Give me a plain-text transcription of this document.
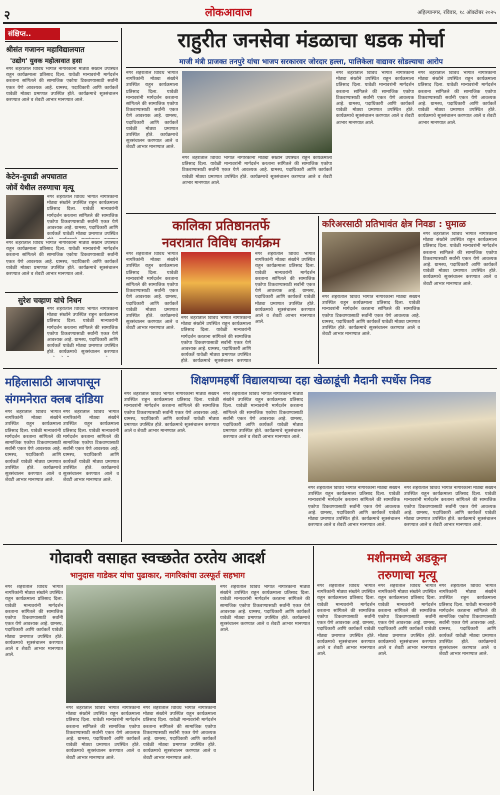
२	लोकआवाज	अहिल्यानगर, रविवार, १८ ऑक्टोबर २०२५
संक्षिप्त..
श्रीसंत गजानन महाविद्यालयात
'उद्योग' युवक महोत्सवात हसा
नगर शहरातील विविध भागात नागरिकांनी मोठ्या संख्येने उपस्थित राहून कार्यक्रमाला प्रतिसाद दिला. यावेळी मान्यवरांनी मार्गदर्शन करताना सांगितले की सामाजिक एकोपा टिकवण्यासाठी सर्वांनी एकत्र येणे आवश्यक आहे. ग्रामस्थ, पदाधिकारी आणि कार्यकर्ते यावेळी मोठ्या प्रमाणात उपस्थित होते. कार्यक्रमाचे सूत्रसंचालन करण्यात आले व शेवटी आभार मानण्यात आले.
केटेन-दुघाडी अपघातात
जोर्वे येथील तरुणाचा मृत्यू
नगर शहरातील विविध भागात नागरिकांनी मोठ्या संख्येने उपस्थित राहून कार्यक्रमाला प्रतिसाद दिला. यावेळी मान्यवरांनी मार्गदर्शन करताना सांगितले की सामाजिक एकोपा टिकवण्यासाठी सर्वांनी एकत्र येणे आवश्यक आहे. ग्रामस्थ, पदाधिकारी आणि कार्यकर्ते यावेळी मोठ्या प्रमाणात उपस्थित
नगर शहरातील विविध भागात नागरिकांनी मोठ्या संख्येने उपस्थित राहून कार्यक्रमाला प्रतिसाद दिला. यावेळी मान्यवरांनी मार्गदर्शन करताना सांगितले की सामाजिक एकोपा टिकवण्यासाठी सर्वांनी एकत्र येणे आवश्यक आहे. ग्रामस्थ, पदाधिकारी आणि कार्यकर्ते यावेळी मोठ्या प्रमाणात उपस्थित होते. कार्यक्रमाचे सूत्रसंचालन करण्यात आले व शेवटी आभार मानण्यात आले.
सुरेश चव्हाण यांचे निधन
नगर शहरातील विविध भागात नागरिकांनी मोठ्या संख्येने उपस्थित राहून कार्यक्रमाला प्रतिसाद दिला. यावेळी मान्यवरांनी मार्गदर्शन करताना सांगितले की सामाजिक एकोपा टिकवण्यासाठी सर्वांनी एकत्र येणे आवश्यक आहे. ग्रामस्थ, पदाधिकारी आणि कार्यकर्ते यावेळी मोठ्या प्रमाणात उपस्थित होते. कार्यक्रमाचे सूत्रसंचालन करण्यात
राहुरीत जनसेवा मंडळाचा धडक मोर्चा
माजी मंत्री प्राजक्त तनपुरे यांचा भाजप सरकारवर जोरदार हल्ला, पालिकेला वाद्यावर सोडल्याचा आरोप
नगर शहरातील विविध भागात नागरिकांनी मोठ्या संख्येने उपस्थित राहून कार्यक्रमाला प्रतिसाद दिला. यावेळी मान्यवरांनी मार्गदर्शन करताना सांगितले की सामाजिक एकोपा टिकवण्यासाठी सर्वांनी एकत्र येणे आवश्यक आहे. ग्रामस्थ, पदाधिकारी आणि कार्यकर्ते यावेळी मोठ्या प्रमाणात उपस्थित होते. कार्यक्रमाचे सूत्रसंचालन करण्यात आले व शेवटी आभार मानण्यात आले.
नगर शहरातील विविध भागात नागरिकांनी मोठ्या संख्येने उपस्थित राहून कार्यक्रमाला प्रतिसाद दिला. यावेळी मान्यवरांनी मार्गदर्शन करताना सांगितले की सामाजिक एकोपा टिकवण्यासाठी सर्वांनी एकत्र येणे आवश्यक आहे. ग्रामस्थ, पदाधिकारी आणि कार्यकर्ते यावेळी मोठ्या प्रमाणात उपस्थित होते. कार्यक्रमाचे सूत्रसंचालन करण्यात आले व शेवटी आभार मानण्यात आले.
नगर शहरातील विविध भागात नागरिकांनी मोठ्या संख्येने उपस्थित राहून कार्यक्रमाला प्रतिसाद दिला. यावेळी मान्यवरांनी मार्गदर्शन करताना सांगितले की सामाजिक एकोपा टिकवण्यासाठी सर्वांनी एकत्र येणे आवश्यक आहे. ग्रामस्थ, पदाधिकारी आणि कार्यकर्ते यावेळी मोठ्या प्रमाणात उपस्थित होते. कार्यक्रमाचे सूत्रसंचालन करण्यात आले व शेवटी आभार मानण्यात आले.
नगर शहरातील विविध भागात नागरिकांनी मोठ्या संख्येने उपस्थित राहून कार्यक्रमाला प्रतिसाद दिला. यावेळी मान्यवरांनी मार्गदर्शन करताना सांगितले की सामाजिक एकोपा टिकवण्यासाठी सर्वांनी एकत्र येणे आवश्यक आहे. ग्रामस्थ, पदाधिकारी आणि कार्यकर्ते यावेळी मोठ्या प्रमाणात उपस्थित होते. कार्यक्रमाचे सूत्रसंचालन करण्यात आले व शेवटी आभार मानण्यात आले.
कालिका प्रतिष्ठानतर्फे
नवरात्रात विविध कार्यक्रम
नगर शहरातील विविध भागात नागरिकांनी मोठ्या संख्येने उपस्थित राहून कार्यक्रमाला प्रतिसाद दिला. यावेळी मान्यवरांनी मार्गदर्शन करताना सांगितले की सामाजिक एकोपा टिकवण्यासाठी सर्वांनी एकत्र येणे आवश्यक आहे. ग्रामस्थ, पदाधिकारी आणि कार्यकर्ते यावेळी मोठ्या प्रमाणात उपस्थित होते. कार्यक्रमाचे सूत्रसंचालन करण्यात आले व शेवटी आभार मानण्यात आले.
नगर शहरातील विविध भागात नागरिकांनी मोठ्या संख्येने उपस्थित राहून कार्यक्रमाला प्रतिसाद दिला. यावेळी मान्यवरांनी मार्गदर्शन करताना सांगितले की सामाजिक एकोपा टिकवण्यासाठी सर्वांनी एकत्र येणे आवश्यक आहे. ग्रामस्थ, पदाधिकारी आणि कार्यकर्ते यावेळी मोठ्या प्रमाणात उपस्थित होते. कार्यक्रमाचे सूत्रसंचालन करण्यात
नगर शहरातील विविध भागात नागरिकांनी मोठ्या संख्येने उपस्थित राहून कार्यक्रमाला प्रतिसाद दिला. यावेळी मान्यवरांनी मार्गदर्शन करताना सांगितले की सामाजिक एकोपा टिकवण्यासाठी सर्वांनी एकत्र येणे आवश्यक आहे. ग्रामस्थ, पदाधिकारी आणि कार्यकर्ते यावेळी मोठ्या प्रमाणात उपस्थित होते. कार्यक्रमाचे सूत्रसंचालन करण्यात आले व शेवटी आभार मानण्यात आले.
करिअरसाठी प्रतिभावंत क्षेत्र निवडा : घुमाळ
नगर शहरातील विविध भागात नागरिकांनी मोठ्या संख्येने उपस्थित राहून कार्यक्रमाला प्रतिसाद दिला. यावेळी मान्यवरांनी मार्गदर्शन करताना सांगितले की सामाजिक एकोपा टिकवण्यासाठी सर्वांनी एकत्र येणे आवश्यक आहे. ग्रामस्थ, पदाधिकारी आणि कार्यकर्ते यावेळी मोठ्या प्रमाणात उपस्थित होते. कार्यक्रमाचे सूत्रसंचालन करण्यात आले व शेवटी आभार मानण्यात आले.
नगर शहरातील विविध भागात नागरिकांनी मोठ्या संख्येने उपस्थित राहून कार्यक्रमाला प्रतिसाद दिला. यावेळी मान्यवरांनी मार्गदर्शन करताना सांगितले की सामाजिक एकोपा टिकवण्यासाठी सर्वांनी एकत्र येणे आवश्यक आहे. ग्रामस्थ, पदाधिकारी आणि कार्यकर्ते यावेळी मोठ्या प्रमाणात उपस्थित होते. कार्यक्रमाचे सूत्रसंचालन करण्यात आले व शेवटी आभार मानण्यात आले.
शिक्षणमहर्षी विद्यालयाच्या दहा खेळाडूंची मैदानी स्पर्धेस निवड
नगर शहरातील विविध भागात नागरिकांनी मोठ्या संख्येने उपस्थित राहून कार्यक्रमाला प्रतिसाद दिला. यावेळी मान्यवरांनी मार्गदर्शन करताना सांगितले की सामाजिक एकोपा टिकवण्यासाठी सर्वांनी एकत्र येणे आवश्यक आहे. ग्रामस्थ, पदाधिकारी आणि कार्यकर्ते यावेळी मोठ्या प्रमाणात उपस्थित होते. कार्यक्रमाचे सूत्रसंचालन करण्यात आले व शेवटी आभार मानण्यात आले.
नगर शहरातील विविध भागात नागरिकांनी मोठ्या संख्येने उपस्थित राहून कार्यक्रमाला प्रतिसाद दिला. यावेळी मान्यवरांनी मार्गदर्शन करताना सांगितले की सामाजिक एकोपा टिकवण्यासाठी सर्वांनी एकत्र येणे आवश्यक आहे. ग्रामस्थ, पदाधिकारी आणि कार्यकर्ते यावेळी मोठ्या प्रमाणात उपस्थित होते. कार्यक्रमाचे सूत्रसंचालन करण्यात आले व शेवटी आभार मानण्यात आले.
नगर शहरातील विविध भागात नागरिकांनी मोठ्या संख्येने उपस्थित राहून कार्यक्रमाला प्रतिसाद दिला. यावेळी मान्यवरांनी मार्गदर्शन करताना सांगितले की सामाजिक एकोपा टिकवण्यासाठी सर्वांनी एकत्र येणे आवश्यक आहे. ग्रामस्थ, पदाधिकारी आणि कार्यकर्ते यावेळी मोठ्या प्रमाणात उपस्थित होते. कार्यक्रमाचे सूत्रसंचालन करण्यात आले व शेवटी आभार मानण्यात आले.
नगर शहरातील विविध भागात नागरिकांनी मोठ्या संख्येने उपस्थित राहून कार्यक्रमाला प्रतिसाद दिला. यावेळी मान्यवरांनी मार्गदर्शन करताना सांगितले की सामाजिक एकोपा टिकवण्यासाठी सर्वांनी एकत्र येणे आवश्यक आहे. ग्रामस्थ, पदाधिकारी आणि कार्यकर्ते यावेळी मोठ्या प्रमाणात उपस्थित होते. कार्यक्रमाचे सूत्रसंचालन करण्यात आले व शेवटी आभार मानण्यात आले.
महिलासाठी आजपासून
संगमनेरात क्लब दांडिया
नगर शहरातील विविध भागात नागरिकांनी मोठ्या संख्येने उपस्थित राहून कार्यक्रमाला प्रतिसाद दिला. यावेळी मान्यवरांनी मार्गदर्शन करताना सांगितले की सामाजिक एकोपा टिकवण्यासाठी सर्वांनी एकत्र येणे आवश्यक आहे. ग्रामस्थ, पदाधिकारी आणि कार्यकर्ते यावेळी मोठ्या प्रमाणात उपस्थित होते. कार्यक्रमाचे सूत्रसंचालन करण्यात आले व शेवटी आभार मानण्यात आले.
नगर शहरातील विविध भागात नागरिकांनी मोठ्या संख्येने उपस्थित राहून कार्यक्रमाला प्रतिसाद दिला. यावेळी मान्यवरांनी मार्गदर्शन करताना सांगितले की सामाजिक एकोपा टिकवण्यासाठी सर्वांनी एकत्र येणे आवश्यक आहे. ग्रामस्थ, पदाधिकारी आणि कार्यकर्ते यावेळी मोठ्या प्रमाणात उपस्थित होते. कार्यक्रमाचे सूत्रसंचालन करण्यात आले व शेवटी आभार मानण्यात आले.
गोदावरी वसाहत स्वच्छतेत ठरतेय आदर्श
भानुदास गाडेकर यांचा पुढाकार, नागरिकांचा उत्स्फूर्त सहभाग
नगर शहरातील विविध भागात नागरिकांनी मोठ्या संख्येने उपस्थित राहून कार्यक्रमाला प्रतिसाद दिला. यावेळी मान्यवरांनी मार्गदर्शन करताना सांगितले की सामाजिक एकोपा टिकवण्यासाठी सर्वांनी एकत्र येणे आवश्यक आहे. ग्रामस्थ, पदाधिकारी आणि कार्यकर्ते यावेळी मोठ्या प्रमाणात उपस्थित होते. कार्यक्रमाचे सूत्रसंचालन करण्यात आले व शेवटी आभार मानण्यात आले.
नगर शहरातील विविध भागात नागरिकांनी मोठ्या संख्येने उपस्थित राहून कार्यक्रमाला प्रतिसाद दिला. यावेळी मान्यवरांनी मार्गदर्शन करताना सांगितले की सामाजिक एकोपा टिकवण्यासाठी सर्वांनी एकत्र येणे आवश्यक आहे. ग्रामस्थ, पदाधिकारी आणि कार्यकर्ते यावेळी मोठ्या प्रमाणात उपस्थित होते. कार्यक्रमाचे सूत्रसंचालन करण्यात आले व शेवटी आभार मानण्यात आले.
नगर शहरातील विविध भागात नागरिकांनी मोठ्या संख्येने उपस्थित राहून कार्यक्रमाला प्रतिसाद दिला. यावेळी मान्यवरांनी मार्गदर्शन करताना सांगितले की सामाजिक एकोपा टिकवण्यासाठी सर्वांनी एकत्र येणे आवश्यक आहे. ग्रामस्थ, पदाधिकारी आणि कार्यकर्ते यावेळी मोठ्या प्रमाणात उपस्थित होते. कार्यक्रमाचे सूत्रसंचालन करण्यात आले व शेवटी आभार मानण्यात आले.
नगर शहरातील विविध भागात नागरिकांनी मोठ्या संख्येने उपस्थित राहून कार्यक्रमाला प्रतिसाद दिला. यावेळी मान्यवरांनी मार्गदर्शन करताना सांगितले की सामाजिक एकोपा टिकवण्यासाठी सर्वांनी एकत्र येणे आवश्यक आहे. ग्रामस्थ, पदाधिकारी आणि कार्यकर्ते यावेळी मोठ्या प्रमाणात उपस्थित होते. कार्यक्रमाचे सूत्रसंचालन करण्यात आले व शेवटी आभार मानण्यात आले.
मशीनमध्ये अडकून
तरुणाचा मृत्यू
नगर शहरातील विविध भागात नागरिकांनी मोठ्या संख्येने उपस्थित राहून कार्यक्रमाला प्रतिसाद दिला. यावेळी मान्यवरांनी मार्गदर्शन करताना सांगितले की सामाजिक एकोपा टिकवण्यासाठी सर्वांनी एकत्र येणे आवश्यक आहे. ग्रामस्थ, पदाधिकारी आणि कार्यकर्ते यावेळी मोठ्या प्रमाणात उपस्थित होते. कार्यक्रमाचे सूत्रसंचालन करण्यात आले व शेवटी आभार मानण्यात आले.
नगर शहरातील विविध भागात नागरिकांनी मोठ्या संख्येने उपस्थित राहून कार्यक्रमाला प्रतिसाद दिला. यावेळी मान्यवरांनी मार्गदर्शन करताना सांगितले की सामाजिक एकोपा टिकवण्यासाठी सर्वांनी एकत्र येणे आवश्यक आहे. ग्रामस्थ, पदाधिकारी आणि कार्यकर्ते यावेळी मोठ्या प्रमाणात उपस्थित होते. कार्यक्रमाचे सूत्रसंचालन करण्यात आले व शेवटी आभार मानण्यात आले.
नगर शहरातील विविध भागात नागरिकांनी मोठ्या संख्येने उपस्थित राहून कार्यक्रमाला प्रतिसाद दिला. यावेळी मान्यवरांनी मार्गदर्शन करताना सांगितले की सामाजिक एकोपा टिकवण्यासाठी सर्वांनी एकत्र येणे आवश्यक आहे. ग्रामस्थ, पदाधिकारी आणि कार्यकर्ते यावेळी मोठ्या प्रमाणात उपस्थित होते. कार्यक्रमाचे सूत्रसंचालन करण्यात आले व शेवटी आभार मानण्यात आले.
